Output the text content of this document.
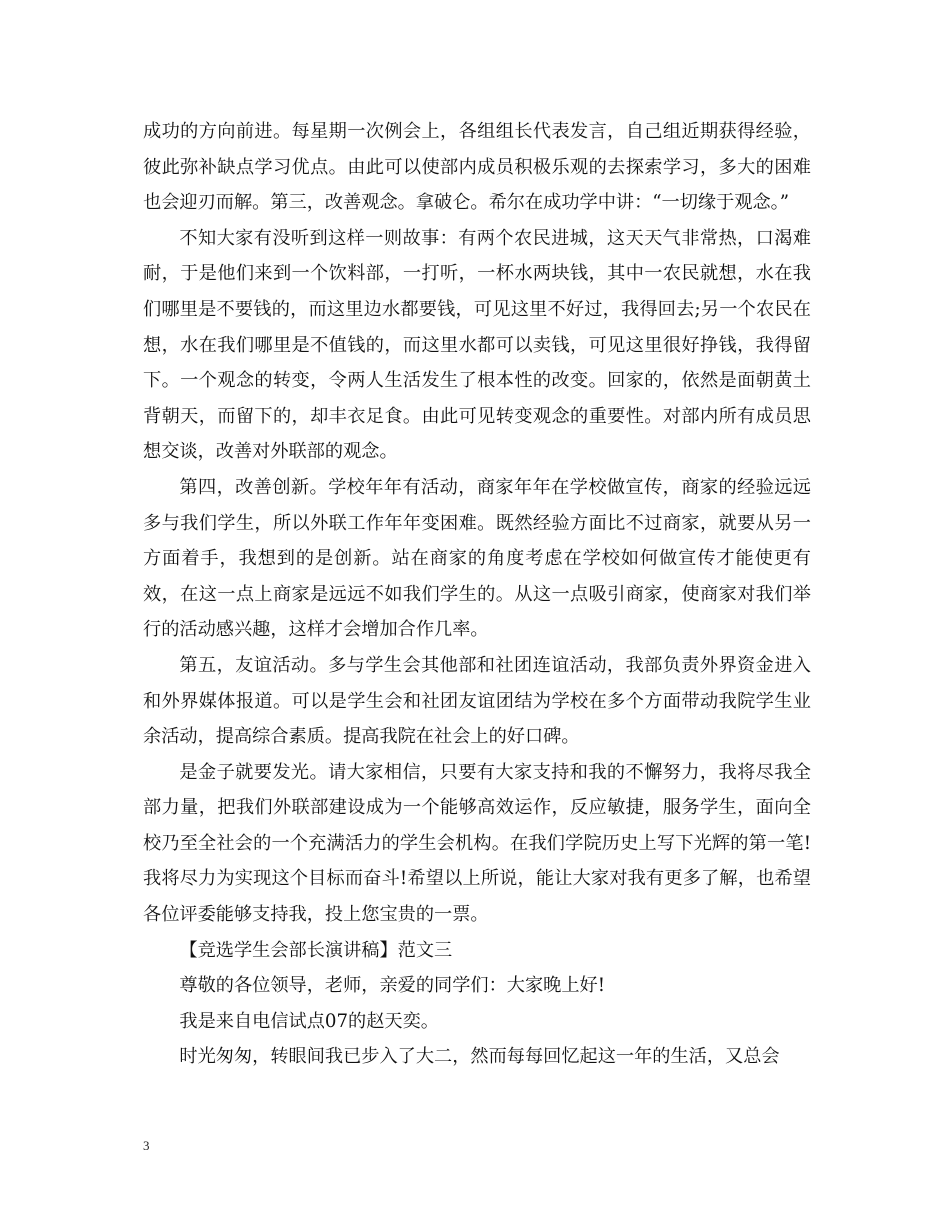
成功的方向前进。每星期一次例会上，各组组长代表发言，自己组近期获得经验，彼此弥补缺点学习优点。由此可以使部内成员积极乐观的去探索学习，多大的困难也会迎刃而解。第三，改善观念。拿破仑。希尔在成功学中讲：“一切缘于观念。”

不知大家有没听到这样一则故事：有两个农民进城，这天天气非常热，口渴难耐，于是他们来到一个饮料部，一打听，一杯水两块钱，其中一农民就想，水在我们哪里是不要钱的，而这里边水都要钱，可见这里不好过，我得回去;另一个农民在想，水在我们哪里是不值钱的，而这里水都可以卖钱，可见这里很好挣钱，我得留下。一个观念的转变，令两人生活发生了根本性的改变。回家的，依然是面朝黄土背朝天，而留下的，却丰衣足食。由此可见转变观念的重要性。对部内所有成员思想交谈，改善对外联部的观念。

第四，改善创新。学校年年有活动，商家年年在学校做宣传，商家的经验远远多与我们学生，所以外联工作年年变困难。既然经验方面比不过商家，就要从另一方面着手，我想到的是创新。站在商家的角度考虑在学校如何做宣传才能使更有效，在这一点上商家是远远不如我们学生的。从这一点吸引商家，使商家对我们举行的活动感兴趣，这样才会增加合作几率。

第五，友谊活动。多与学生会其他部和社团连谊活动，我部负责外界资金进入和外界媒体报道。可以是学生会和社团友谊团结为学校在多个方面带动我院学生业余活动，提高综合素质。提高我院在社会上的好口碑。

是金子就要发光。请大家相信，只要有大家支持和我的不懈努力，我将尽我全部力量，把我们外联部建设成为一个能够高效运作，反应敏捷，服务学生，面向全校乃至全社会的一个充满活力的学生会机构。在我们学院历史上写下光辉的第一笔!我将尽力为实现这个目标而奋斗!希望以上所说，能让大家对我有更多了解，也希望各位评委能够支持我，投上您宝贵的一票。

【竞选学生会部长演讲稿】范文三

尊敬的各位领导，老师，亲爱的同学们：大家晚上好!

我是来自电信试点07的赵天奕。

时光匆匆，转眼间我已步入了大二，然而每每回忆起这一年的生活，又总会

3
